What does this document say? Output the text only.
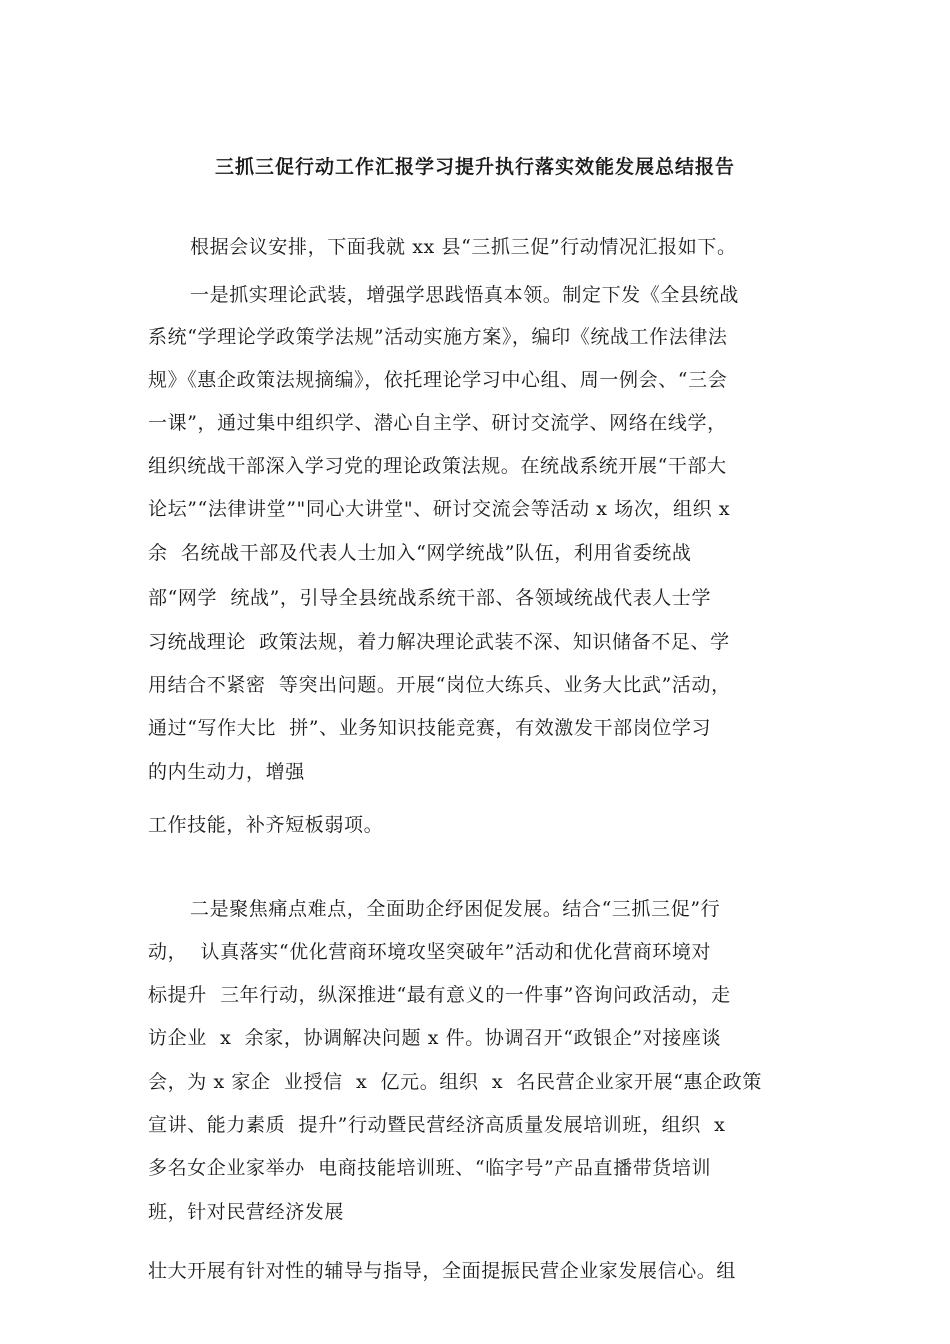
三抓三促行动工作汇报学习提升执行落实效能发展总结报告

根据会议安排，下面我就 xx 县“三抓三促”行动情况汇报如下。

一是抓实理论武装，增强学思践悟真本领。制定下发《全县统战

系统“学理论学政策学法规”活动实施方案》，编印《统战工作法律法

规》《惠企政策法规摘编》，依托理论学习中心组、周一例会、“三会

一课”，通过集中组织学、潜心自主学、研讨交流学、网络在线学，

组织统战干部深入学习党的理论政策法规。在统战系统开展“干部大

论坛”“法律讲堂”"同心大讲堂"、研讨交流会等活动 x 场次，组织 x

余  名统战干部及代表人士加入“网学统战”队伍，利用省委统战

部“网学  统战”，引导全县统战系统干部、各领域统战代表人士学

习统战理论  政策法规，着力解决理论武装不深、知识储备不足、学

用结合不紧密  等突出问题。开展“岗位大练兵、业务大比武”活动，

通过“写作大比  拼”、业务知识技能竞赛，有效激发干部岗位学习

的内生动力，增强

工作技能，补齐短板弱项。

二是聚焦痛点难点，全面助企纾困促发展。结合“三抓三促”行

动，  认真落实“优化营商环境攻坚突破年”活动和优化营商环境对

标提升  三年行动，纵深推进“最有意义的一件事”咨询问政活动，走

访企业  x  余家，协调解决问题 x 件。协调召开“政银企”对接座谈

会，为 x 家企  业授信  x  亿元。组织  x  名民营企业家开展“惠企政策

宣讲、能力素质  提升”行动暨民营经济高质量发展培训班，组织  x

多名女企业家举办  电商技能培训班、“临字号”产品直播带货培训

班，针对民营经济发展

壮大开展有针对性的辅导与指导，全面提振民营企业家发展信心。组
